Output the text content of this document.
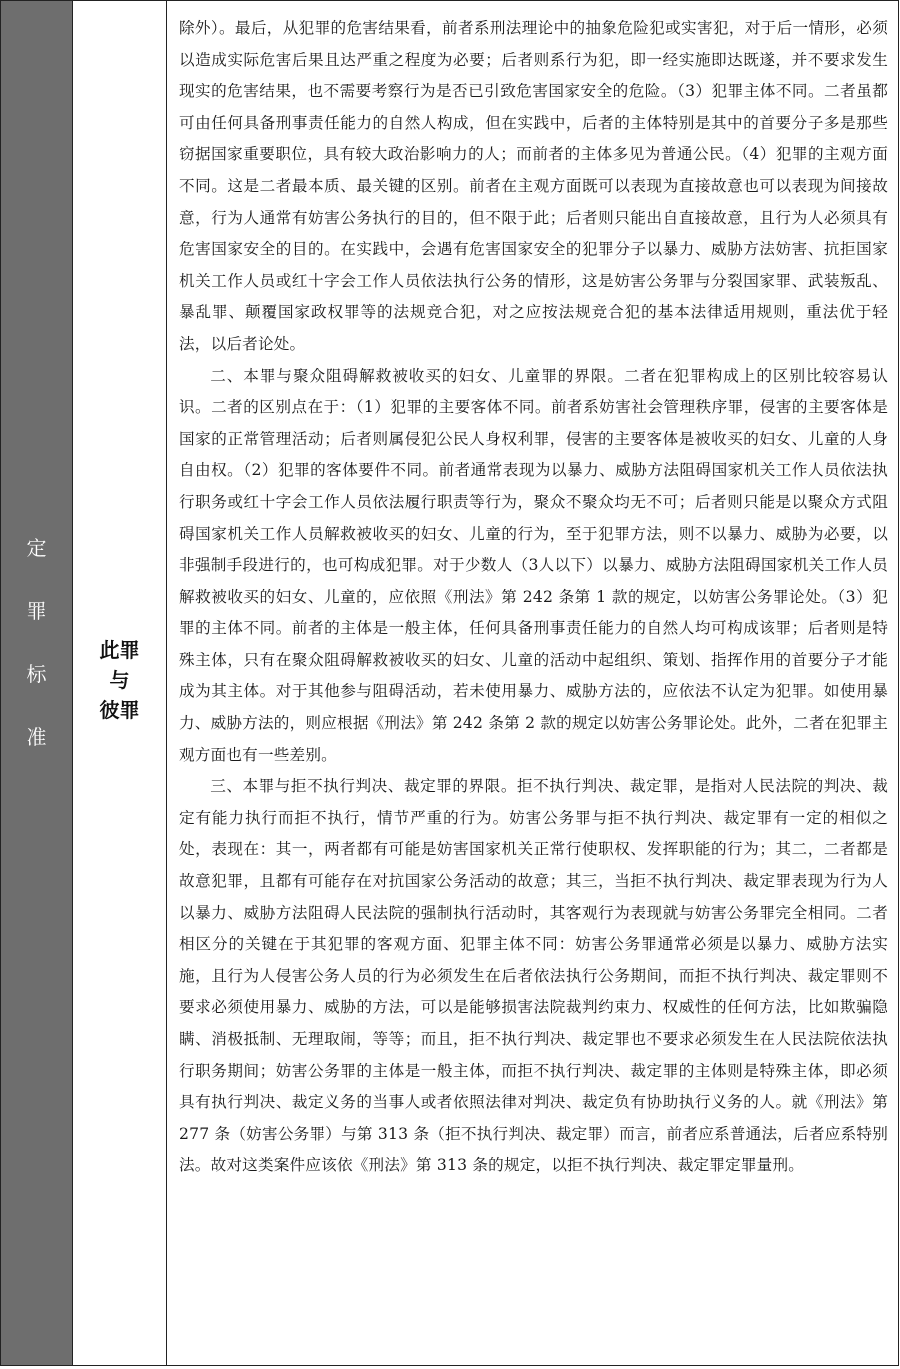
定
罪
标
准
此罪
与
彼罪

除外）。最后，从犯罪的危害结果看，前者系刑法理论中的抽象危险犯或实害犯，对于后一情形，必须以造成实际危害后果且达严重之程度为必要；后者则系行为犯，即一经实施即达既遂，并不要求发生现实的危害结果，也不需要考察行为是否已引致危害国家安全的危险。（3）犯罪主体不同。二者虽都可由任何具备刑事责任能力的自然人构成，但在实践中，后者的主体特别是其中的首要分子多是那些窃据国家重要职位，具有较大政治影响力的人；而前者的主体多见为普通公民。（4）犯罪的主观方面不同。这是二者最本质、最关键的区别。前者在主观方面既可以表现为直接故意也可以表现为间接故意，行为人通常有妨害公务执行的目的，但不限于此；后者则只能出自直接故意，且行为人必须具有危害国家安全的目的。在实践中，会遇有危害国家安全的犯罪分子以暴力、威胁方法妨害、抗拒国家机关工作人员或红十字会工作人员依法执行公务的情形，这是妨害公务罪与分裂国家罪、武装叛乱、暴乱罪、颠覆国家政权罪等的法规竞合犯，对之应按法规竞合犯的基本法律适用规则，重法优于轻法，以后者论处。

二、本罪与聚众阻碍解救被收买的妇女、儿童罪的界限。二者在犯罪构成上的区别比较容易认识。二者的区别点在于：（1）犯罪的主要客体不同。前者系妨害社会管理秩序罪，侵害的主要客体是国家的正常管理活动；后者则属侵犯公民人身权利罪，侵害的主要客体是被收买的妇女、儿童的人身自由权。（2）犯罪的客体要件不同。前者通常表现为以暴力、威胁方法阻碍国家机关工作人员依法执行职务或红十字会工作人员依法履行职责等行为，聚众不聚众均无不可；后者则只能是以聚众方式阻碍国家机关工作人员解救被收买的妇女、儿童的行为，至于犯罪方法，则不以暴力、威胁为必要，以非强制手段进行的，也可构成犯罪。对于少数人（3人以下）以暴力、威胁方法阻碍国家机关工作人员解救被收买的妇女、儿童的，应依照《刑法》第 242 条第 1 款的规定，以妨害公务罪论处。（3）犯罪的主体不同。前者的主体是一般主体，任何具备刑事责任能力的自然人均可构成该罪；后者则是特殊主体，只有在聚众阻碍解救被收买的妇女、儿童的活动中起组织、策划、指挥作用的首要分子才能成为其主体。对于其他参与阻碍活动，若未使用暴力、威胁方法的，应依法不认定为犯罪。如使用暴力、威胁方法的，则应根据《刑法》第 242 条第 2 款的规定以妨害公务罪论处。此外，二者在犯罪主观方面也有一些差别。

三、本罪与拒不执行判决、裁定罪的界限。拒不执行判决、裁定罪，是指对人民法院的判决、裁定有能力执行而拒不执行，情节严重的行为。妨害公务罪与拒不执行判决、裁定罪有一定的相似之处，表现在：其一，两者都有可能是妨害国家机关正常行使职权、发挥职能的行为；其二，二者都是故意犯罪，且都有可能存在对抗国家公务活动的故意；其三，当拒不执行判决、裁定罪表现为行为人以暴力、威胁方法阻碍人民法院的强制执行活动时，其客观行为表现就与妨害公务罪完全相同。二者相区分的关键在于其犯罪的客观方面、犯罪主体不同：妨害公务罪通常必须是以暴力、威胁方法实施，且行为人侵害公务人员的行为必须发生在后者依法执行公务期间，而拒不执行判决、裁定罪则不要求必须使用暴力、威胁的方法，可以是能够损害法院裁判约束力、权威性的任何方法，比如欺骗隐瞒、消极抵制、无理取闹，等等；而且，拒不执行判决、裁定罪也不要求必须发生在人民法院依法执行职务期间；妨害公务罪的主体是一般主体，而拒不执行判决、裁定罪的主体则是特殊主体，即必须具有执行判决、裁定义务的当事人或者依照法律对判决、裁定负有协助执行义务的人。就《刑法》第 277 条（妨害公务罪）与第 313 条（拒不执行判决、裁定罪）而言，前者应系普通法，后者应系特别法。故对这类案件应该依《刑法》第 313 条的规定，以拒不执行判决、裁定罪定罪量刑。
